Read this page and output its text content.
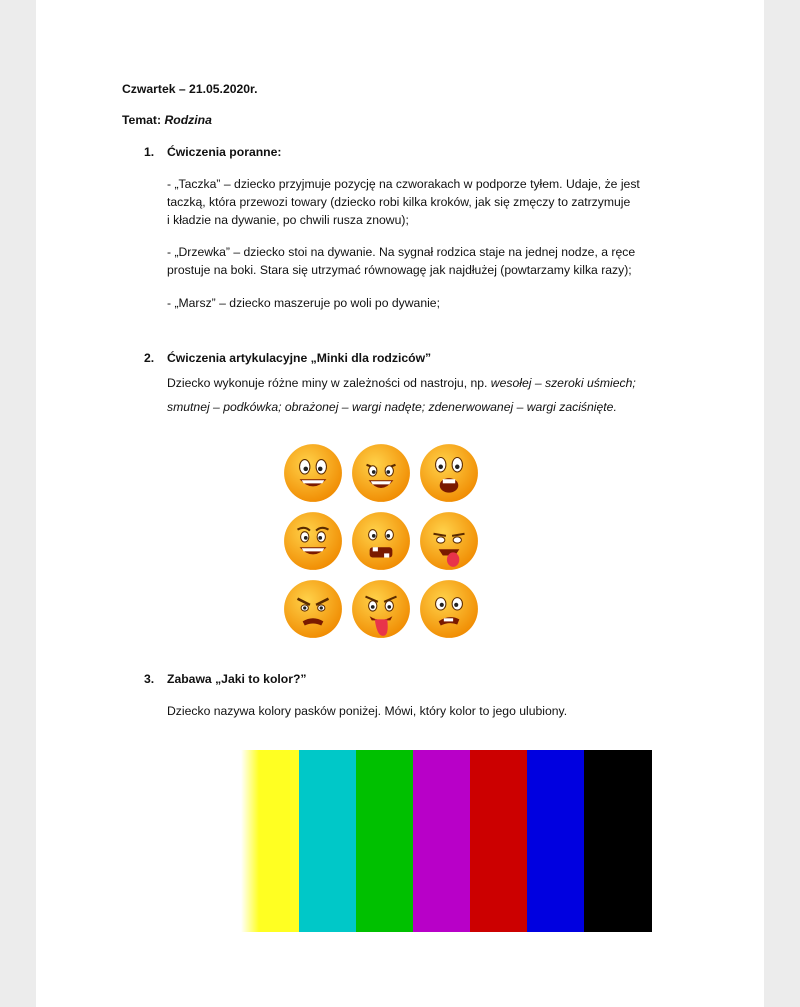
Czwartek – 21.05.2020r.
Temat: Rodzina
1. Ćwiczenia poranne:
- „Taczka” – dziecko przyjmuje pozycję na czworakach w podporze tyłem. Udaje, że jest
taczką, która przewozi towary (dziecko robi kilka kroków, jak się zmęczy to zatrzymuje
i kładzie na dywanie, po chwili rusza znowu);
- „Drzewka” – dziecko stoi na dywanie. Na sygnał rodzica staje na jednej nodze, a ręce
prostuje na boki. Stara się utrzymać równowagę jak najdłużej (powtarzamy kilka razy);
- „Marsz” – dziecko maszeruje po woli po dywanie;
2. Ćwiczenia artykulacyjne „Minki dla rodziców”
Dziecko wykonuje różne miny w zależności od nastroju, np. wesołej – szeroki uśmiech;
smutnej – podkówka; obrażonej – wargi nadęte; zdenerwowanej – wargi zaciśnięte.
3. Zabawa „Jaki to kolor?”
Dziecko nazywa kolory pasków poniżej. Mówi, który kolor to jego ulubiony.
